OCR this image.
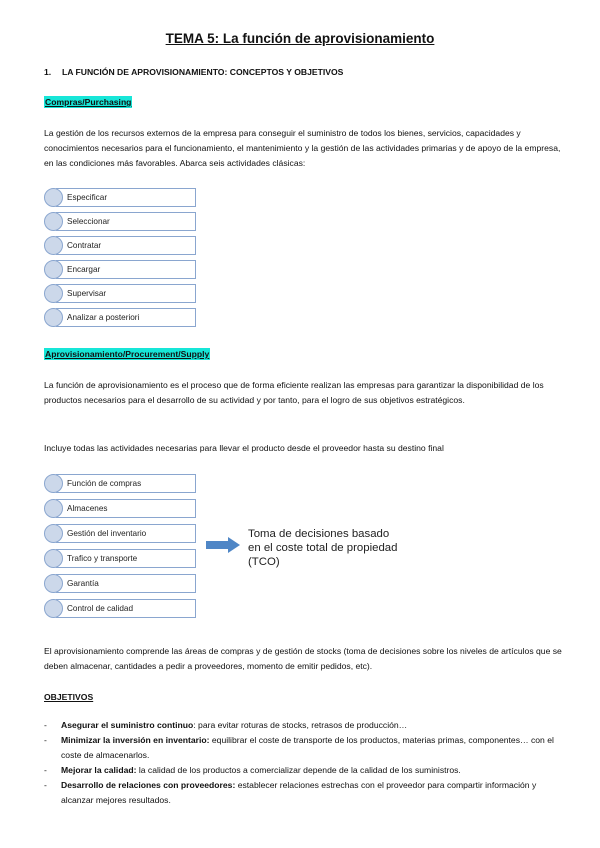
TEMA 5: La función de aprovisionamiento
1. LA FUNCIÓN DE APROVISIONAMIENTO: CONCEPTOS Y OBJETIVOS
Compras/Purchasing
La gestión de los recursos externos de la empresa para conseguir el suministro de todos los bienes, servicios, capacidades y conocimientos necesarios para el funcionamiento, el mantenimiento y la gestión de las actividades primarias y de apoyo de la empresa, en las condiciones más favorables. Abarca seis actividades clásicas:
Especificar
Seleccionar
Contratar
Encargar
Supervisar
Analizar a posteriori
Aprovisionamiento/Procurement/Supply
La función de aprovisionamiento es el proceso que de forma eficiente realizan las empresas para garantizar la disponibilidad de los productos necesarios para el desarrollo de su actividad y por tanto, para el logro de sus objetivos estratégicos.
Incluye todas las actividades necesarias para llevar el producto desde el proveedor hasta su destino final
Función de compras
Almacenes
Gestión del inventario
Trafico y transporte
Garantía
Control de calidad
Toma de decisiones basado
en el coste total de propiedad
(TCO)
El aprovisionamiento comprende las áreas de compras y de gestión de stocks (toma de decisiones sobre los niveles de artículos que se deben almacenar, cantidades a pedir a proveedores, momento de emitir pedidos, etc).
OBJETIVOS
- Asegurar el suministro continuo: para evitar roturas de stocks, retrasos de producción…
- Minimizar la inversión en inventario: equilibrar el coste de transporte de los productos, materias primas, componentes… con el coste de almacenarlos.
- Mejorar la calidad: la calidad de los productos a comercializar depende de la calidad de los suministros.
- Desarrollo de relaciones con proveedores: establecer relaciones estrechas con el proveedor para compartir información y alcanzar mejores resultados.
